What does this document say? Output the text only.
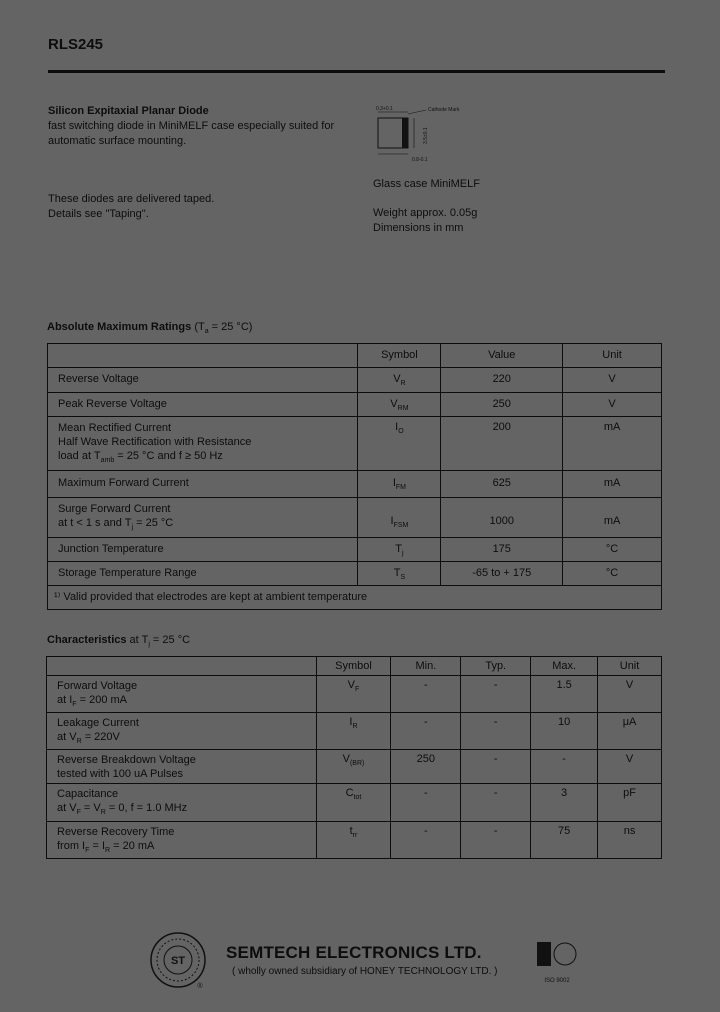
RLS245
Silicon Expitaxial Planar Diode
fast switching diode in MiniMELF case especially suited for
automatic surface mounting.
These diodes are delivered taped.
Details see "Taping".
0.3+0.1	Cathode Mark
0.8-0.1
3.5±0.1
Glass case MiniMELF
Weight approx. 0.05g
Dimensions in mm
Absolute Maximum Ratings ($T_a = 25$ °C)
	Symbol	Value	Unit
Reverse Voltage	$V_R$	220	V
Peak Reverse Voltage	$V_{RM}$	250	V

Mean Rectified Current
Half Wave Rectification with Resistance
load at $T_{amb} = 25$ °C and f ≥ 50 Hz	$I_O$	200	mA
Maximum Forward Current	$I_{FM}$	625	mA

Surge Forward Current
at t < 1 s and $T_j = 25$ °C	$I_{FSM}$	1000	mA
Junction Temperature	$T_j$	175	°C
Storage Temperature Range	$T_S$	-65 to + 175	°C
¹⁾ Valid provided that electrodes are kept at ambient temperature			
Characteristics at $T_j = 25$ °C
	Symbol	Min.	Typ.	Max.	Unit

Forward Voltage
at $I_F = 200$ mA	$V_F$	-	-	1.5	V

Leakage Current
at $V_R = 220V$	$I_R$	-	-	10	μA

Reverse Breakdown Voltage
tested with 100 uA Pulses	$V_{(BR)}$	250	-	-	V

Capacitance
at $V_F = V_R = 0$, f = 1.0 MHz	$C_{tot}$	-	-	3	pF

Reverse Recovery Time
from $I_F = I_R = 20$ mA	$t_{rr}$	-	-	75	ns
ST
®
SEMTECH ELECTRONICS LTD.
( wholly owned subsidiary of HONEY TECHNOLOGY LTD. )
ISO 9002
